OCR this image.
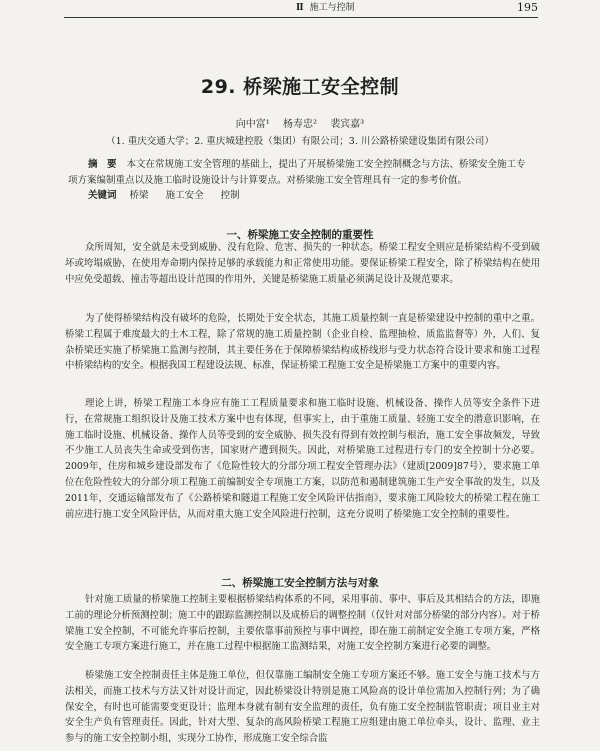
Ⅱ 施工与控制	195
29. 桥梁施工安全控制
向中富¹ 杨寿忠² 裴宾嘉³
（1. 重庆交通大学；2. 重庆城建控股（集团）有限公司；3. 川公路桥梁建设集团有限公司）
摘　要 本文在常规施工安全管理的基础上，提出了开展桥梁施工安全控制概念与方法、桥梁安全施工专项方案编制重点以及施工临时设施设计与计算要点。对桥梁施工安全管理具有一定的参考价值。
关键词 桥梁 施工安全 控制
一、桥梁施工安全控制的重要性

众所周知，安全就是未受到威胁、没有危险、危害、损失的一种状态。桥梁工程安全则应是桥梁结构不受到破坏或垮塌威胁，在使用寿命期内保持足够的承载能力和正常使用功能。要保证桥梁工程安全，除了桥梁结构在使用中应免受超载、撞击等超出设计范围的作用外，关键是桥梁施工质量必须满足设计及规范要求。

为了使得桥梁结构没有破坏的危险，长期处于安全状态，其施工质量控制一直是桥梁建设中控制的重中之重。桥梁工程属于难度最大的土木工程，除了常规的施工质量控制（企业自检、监理抽检、质监监督等）外，人们、复杂桥梁还实施了桥梁施工监测与控制，其主要任务在于保障桥梁结构成桥线形与受力状态符合设计要求和施工过程中桥梁结构的安全。根据我国工程建设法规、标准，保证桥梁工程施工安全是桥梁施工方案中的重要内容。

理论上讲，桥梁工程施工本身应有施工工程质量要求和施工临时设施、机械设备、操作人员等安全条件下进行，在常规施工组织设计及施工技术方案中也有体现，但事实上，由于重施工质量、轻施工安全的潜意识影响，在施工临时设施、机械设备、操作人员等受到的安全威胁、损失没有得到有效控制与根治，施工安全事故频发，导致不少施工人员丧失生命或受到伤害，国家财产遭到损失。因此，对桥梁施工过程进行专门的安全控制十分必要。2009年，住房和城乡建设部发布了《危险性较大的分部分项工程安全管理办法》（建质[2009]87号），要求施工单位在危险性较大的分部分项工程施工前编制安全专项施工方案，以防范和遏制建筑施工生产安全事故的发生，以及2011年，交通运输部发布了《公路桥梁和隧道工程施工安全风险评估指南》，要求施工风险较大的桥梁工程在施工前应进行施工安全风险评估，从而对重大施工安全风险进行控制，这充分说明了桥梁施工安全控制的重要性。

二、桥梁施工安全控制方法与对象

针对施工质量的桥梁施工控制主要根据桥梁结构体系的不同，采用事前、事中、事后及其相结合的方法，即施工前的理论分析预测控制；施工中的跟踪监测控制以及成桥后的调整控制（仅针对对部分桥梁的部分内容）。对于桥梁施工安全控制，不可能允许事后控制，主要依靠事前预控与事中调控，即在施工前制定安全施工专项方案，严格安全施工专项方案进行施工，并在施工过程中根据施工监测结果，对施工安全控制方案进行必要的调整。

桥梁施工安全控制责任主体是施工单位，但仅靠施工编制安全施工专项方案还不够。施工安全与施工技术与方法相关，而施工技术与方法又针对设计而定，因此桥梁设计特别是施工风险高的设计单位需加入控制行列；为了确保安全，有时也可能需要变更设计；监理本身就有制有安全监理的责任，负有施工安全控制监管职责；项目业主对安全生产负有管理责任。因此，针对大型、复杂的高风险桥梁工程施工应组建由施工单位牵头，设计、监理、业主参与的施工安全控制小组，实现分工协作，形成施工安全综合监
